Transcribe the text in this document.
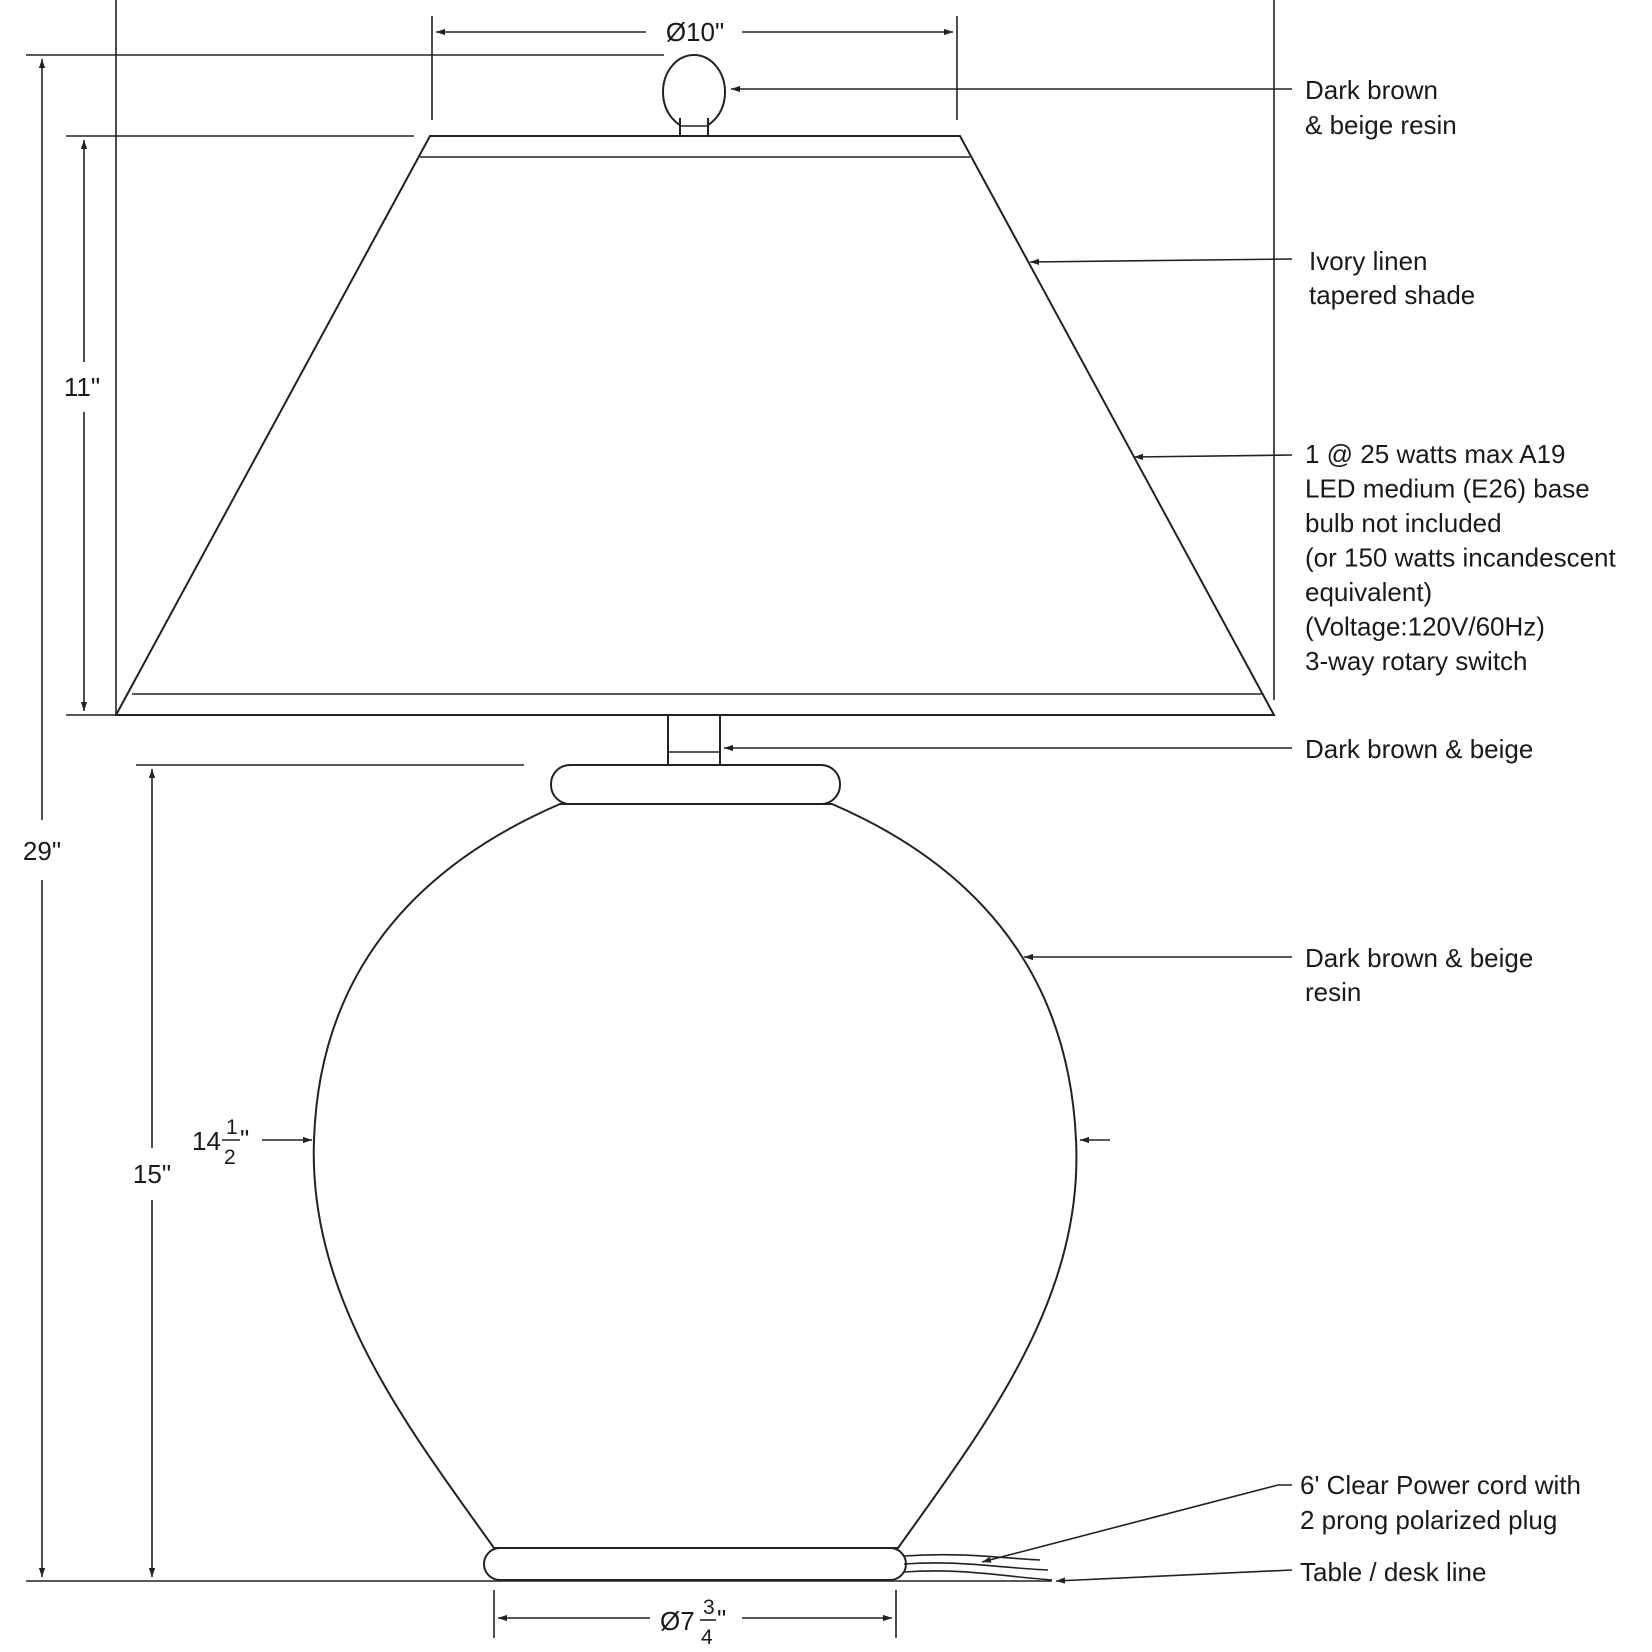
Ø10"
11"
29"
15"
14 1
2
"
Ø7 3
4
"
Dark brown & beige resin
Ivory linen tapered shade
1 @ 25 watts max A19 LED medium (E26) base bulb not included (or 150 watts incandescent equivalent) (Voltage:120V/60Hz) 3-way rotary switch
Dark brown & beige
Dark brown & beige resin
6' Clear Power cord with 2 prong polarized plug
Table / desk line
